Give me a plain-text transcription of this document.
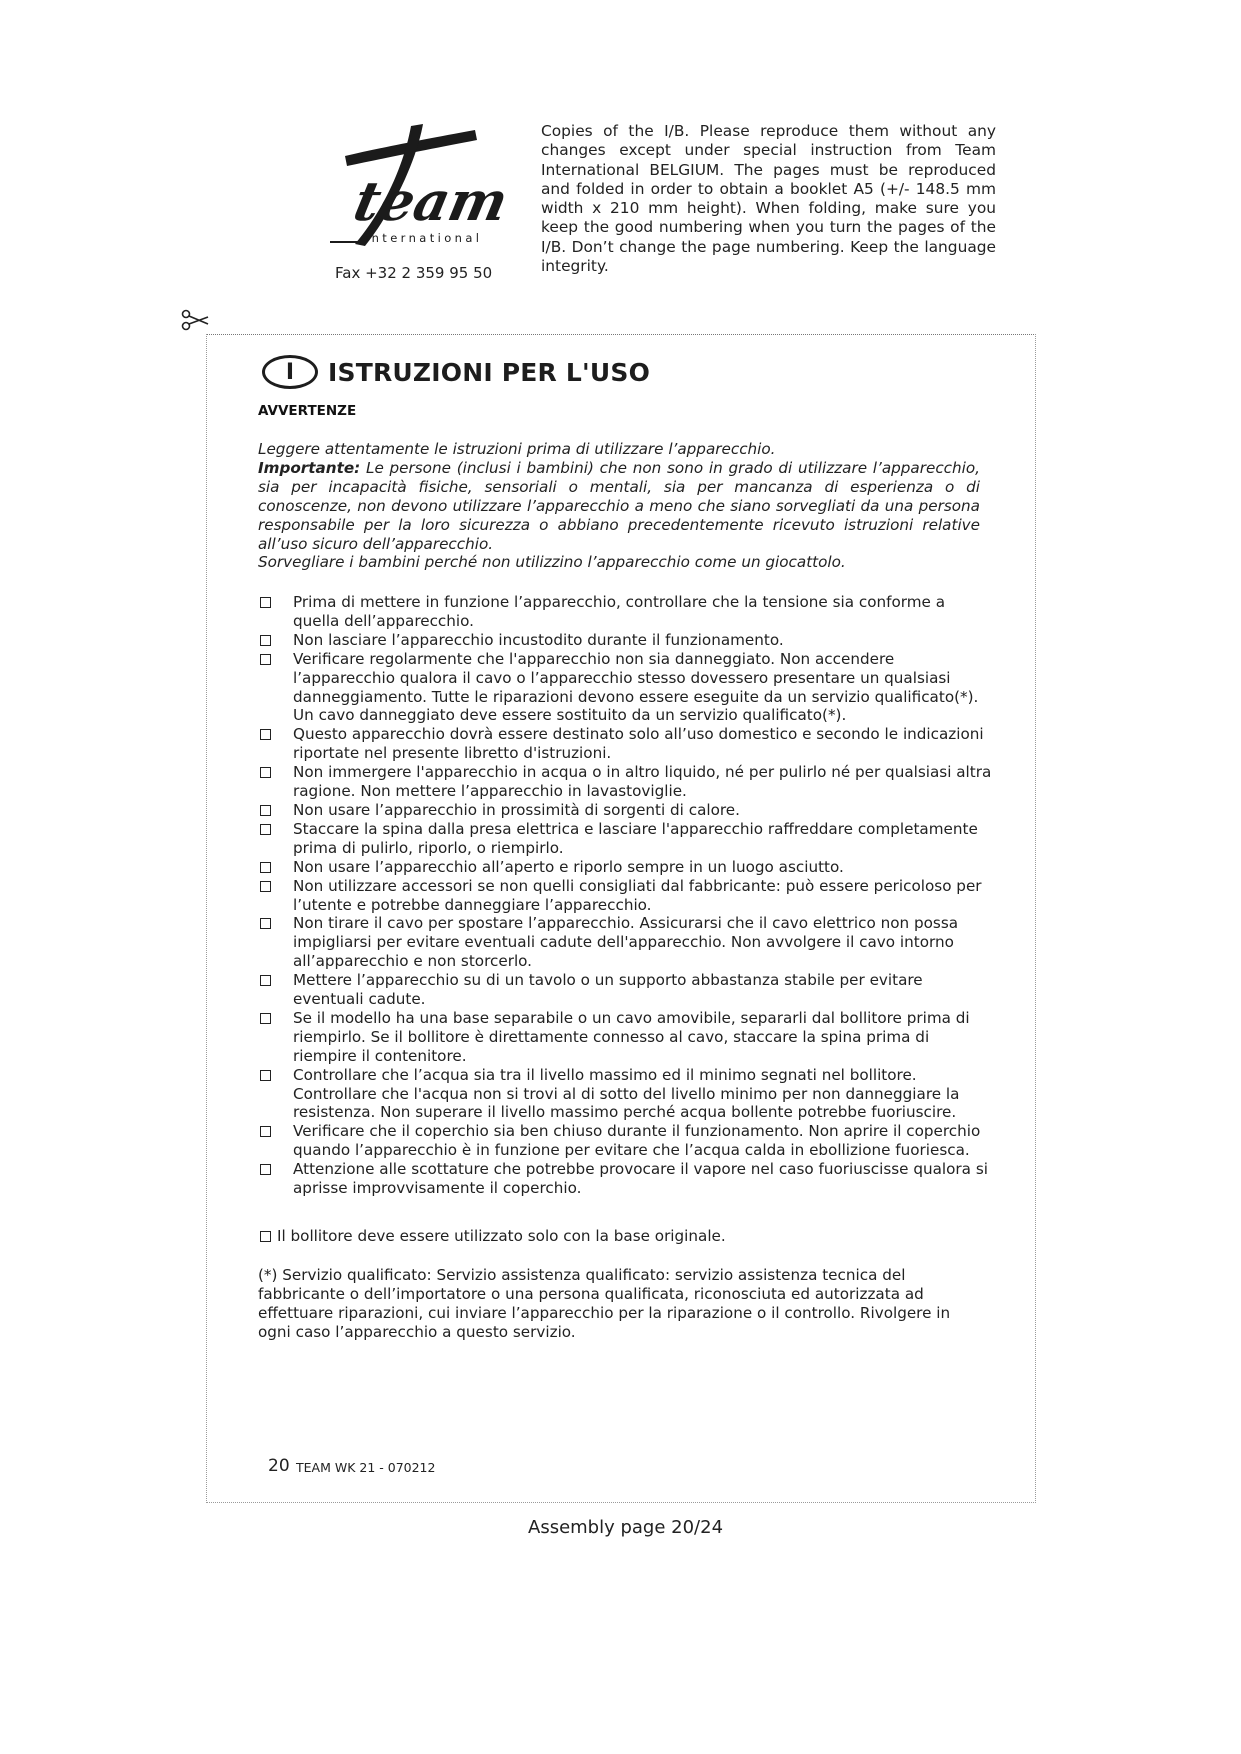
team
international
Fax +32 2 359 95 50
Copies of the I/B. Please reproduce them without any changes except under special instruction from Team International BELGIUM. The pages must be reproduced and folded in order to obtain a booklet A5 (+/- 148.5 mm width x 210 mm height). When folding, make sure you keep the good numbering when you turn the pages of the I/B. Don’t change the page numbering. Keep the language integrity.
I	ISTRUZIONI PER L'USO
AVVERTENZE

Leggere attentamente le istruzioni prima di utilizzare l’apparecchio.

Importante: Le persone (inclusi i bambini) che non sono in grado di utilizzare l’apparecchio, sia per incapacità fisiche, sensoriali o mentali, sia per mancanza di esperienza o di conoscenze, non devono utilizzare l’apparecchio a meno che siano sorvegliati da una persona responsabile per la loro sicurezza o abbiano precedentemente ricevuto istruzioni relative all’uso sicuro dell’apparecchio.

Sorvegliare i bambini perché non utilizzino l’apparecchio come un giocattolo.

Prima di mettere in funzione l’apparecchio, controllare che la tensione sia conforme a quella dell’apparecchio.
Non lasciare l’apparecchio incustodito durante il funzionamento.
Verificare regolarmente che l'apparecchio non sia danneggiato. Non accendere l’apparecchio qualora il cavo o l’apparecchio stesso dovessero presentare un qualsiasi danneggiamento. Tutte le riparazioni devono essere eseguite da un servizio qualificato(*). Un cavo danneggiato deve essere sostituito da un servizio qualificato(*).
Questo apparecchio dovrà essere destinato solo all’uso domestico e secondo le indicazioni riportate nel presente libretto d'istruzioni.
Non immergere l'apparecchio in acqua o in altro liquido, né per pulirlo né per qualsiasi altra ragione. Non mettere l’apparecchio in lavastoviglie.
Non usare l’apparecchio in prossimità di sorgenti di calore.
Staccare la spina dalla presa elettrica e lasciare l'apparecchio raffreddare completamente prima di pulirlo, riporlo, o riempirlo.
Non usare l’apparecchio all’aperto e riporlo sempre in un luogo asciutto.
Non utilizzare accessori se non quelli consigliati dal fabbricante: può essere pericoloso per l’utente e potrebbe danneggiare l’apparecchio.
Non tirare il cavo per spostare l’apparecchio. Assicurarsi che il cavo elettrico non possa impigliarsi per evitare eventuali cadute dell'apparecchio. Non avvolgere il cavo intorno all’apparecchio e non storcerlo.
Mettere l’apparecchio su di un tavolo o un supporto abbastanza stabile per evitare eventuali cadute.
Se il modello ha una base separabile o un cavo amovibile, separarli dal bollitore prima di riempirlo. Se il bollitore è direttamente connesso al cavo, staccare la spina prima di riempire il contenitore.
Controllare che l’acqua sia tra il livello massimo ed il minimo segnati nel bollitore. Controllare che l'acqua non si trovi al di sotto del livello minimo per non danneggiare la resistenza. Non superare il livello massimo perché acqua bollente potrebbe fuoriuscire.
Verificare che il coperchio sia ben chiuso durante il funzionamento. Non aprire il coperchio quando l’apparecchio è in funzione per evitare che l’acqua calda in ebollizione fuoriesca.
Attenzione alle scottature che potrebbe provocare il vapore nel caso fuoriuscisse qualora si aprisse improvvisamente il coperchio.
Il bollitore deve essere utilizzato solo con la base originale.
(*) Servizio qualificato: Servizio assistenza qualificato: servizio assistenza tecnica del fabbricante o dell’importatore o una persona qualificata, riconosciuta ed autorizzata ad effettuare riparazioni, cui inviare l’apparecchio per la riparazione o il controllo. Rivolgere in ogni caso l’apparecchio a questo servizio.
20 TEAM WK 21 - 070212
Assembly page 20/24
